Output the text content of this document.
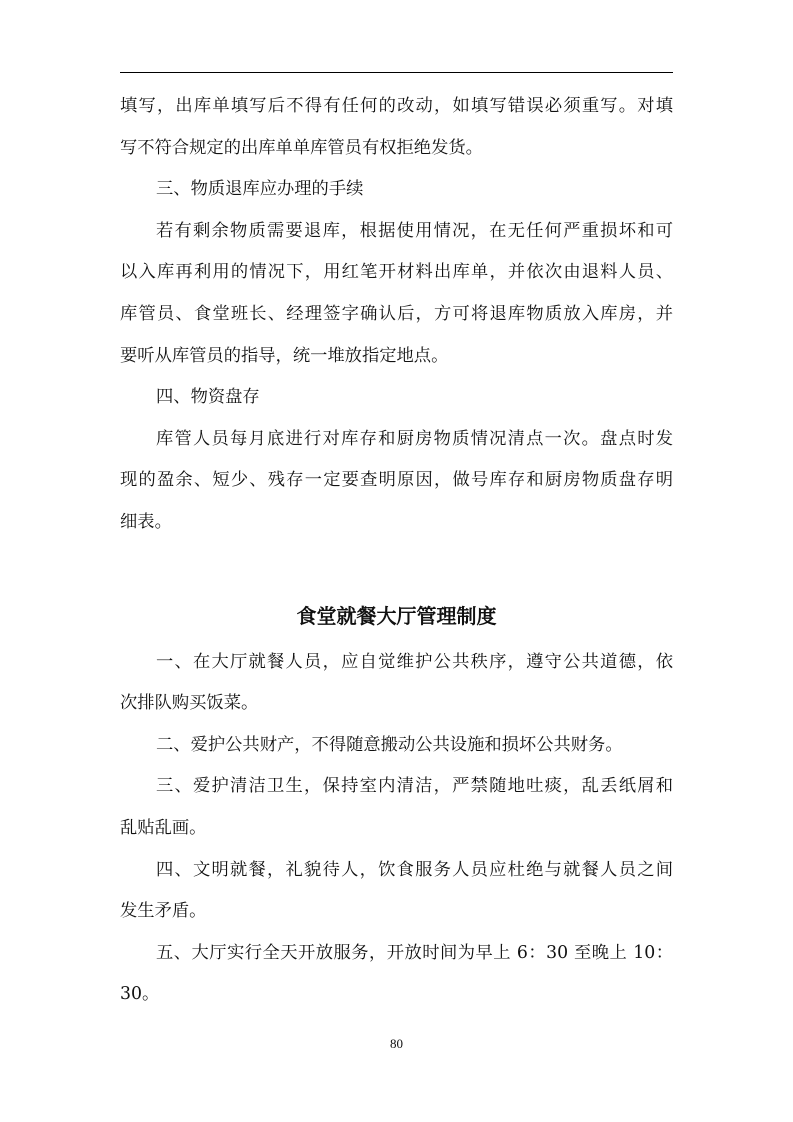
填写，出库单填写后不得有任何的改动，如填写错误必须重写。对填
写不符合规定的出库单单库管员有权拒绝发货。
三、物质退库应办理的手续
若有剩余物质需要退库，根据使用情况，在无任何严重损坏和可
以入库再利用的情况下，用红笔开材料出库单，并依次由退料人员、
库管员、食堂班长、经理签字确认后，方可将退库物质放入库房，并
要听从库管员的指导，统一堆放指定地点。
四、物资盘存
库管人员每月底进行对库存和厨房物质情况清点一次。盘点时发
现的盈余、短少、残存一定要查明原因，做号库存和厨房物质盘存明
细表。
食堂就餐大厅管理制度
一、在大厅就餐人员，应自觉维护公共秩序，遵守公共道德，依
次排队购买饭菜。
二、爱护公共财产，不得随意搬动公共设施和损坏公共财务。
三、爱护清洁卫生，保持室内清洁，严禁随地吐痰，乱丢纸屑和
乱贴乱画。
四、文明就餐，礼貌待人，饮食服务人员应杜绝与就餐人员之间
发生矛盾。
五、大厅实行全天开放服务，开放时间为早上 6：30 至晚上 10：
30。
80
